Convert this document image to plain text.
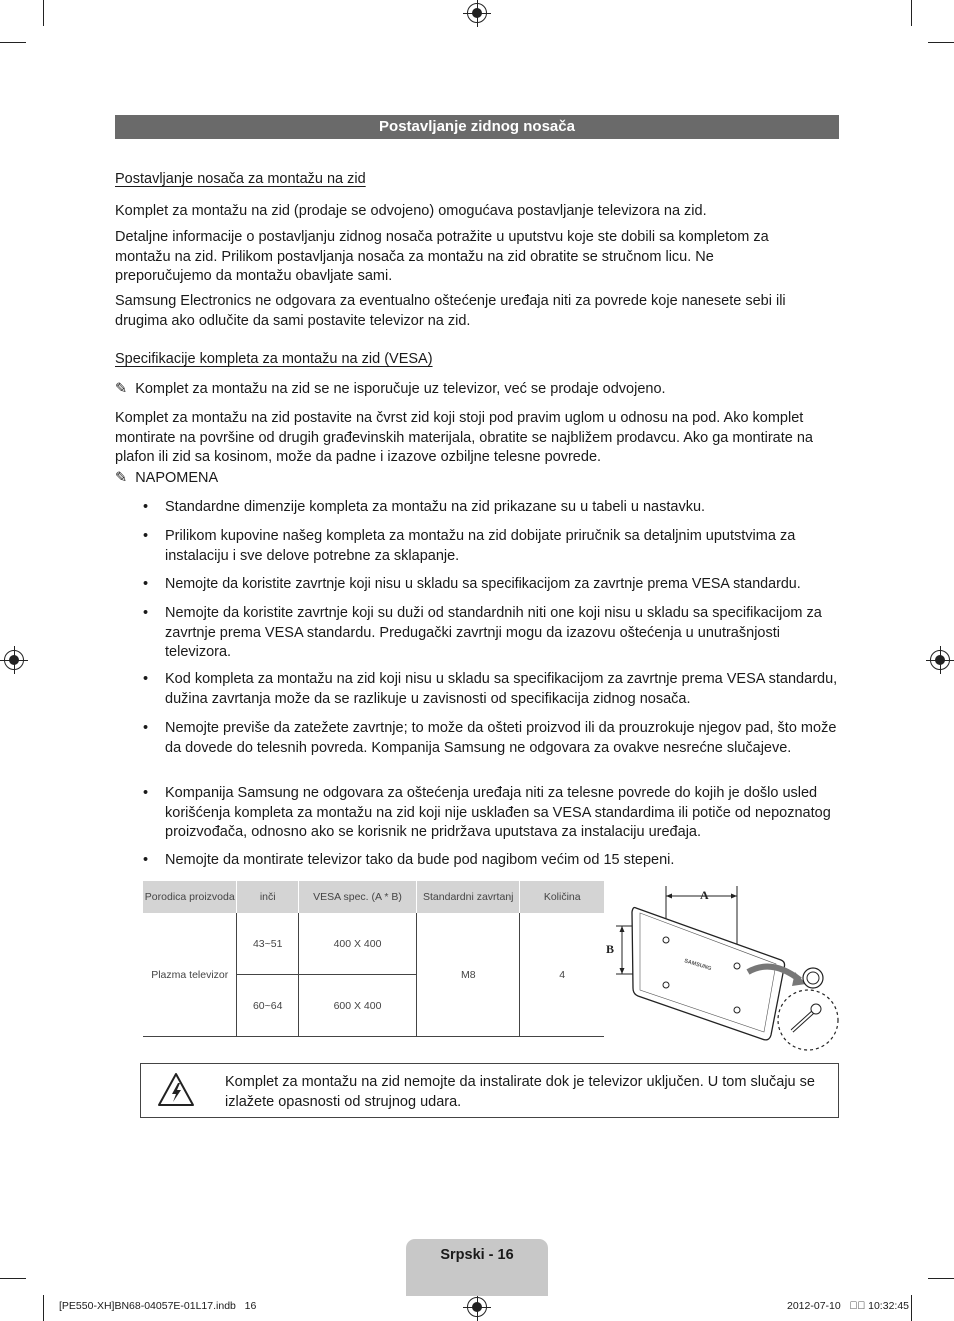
Postavljanje zidnog nosača
Postavljanje nosača za montažu na zid
Komplet za montažu na zid (prodaje se odvojeno) omogućava postavljanje televizora na zid.
Detaljne informacije o postavljanju zidnog nosača potražite u uputstvu koje ste dobili sa kompletom za montažu na zid. Prilikom postavljanja nosača za montažu na zid obratite se stručnom licu. Ne preporučujemo da montažu obavljate sami.
Samsung Electronics ne odgovara za eventualno oštećenje uređaja niti za povrede koje nanesete sebi ili drugima ako odlučite da sami postavite televizor na zid.
Specifikacije kompleta za montažu na zid (VESA)
✎ Komplet za montažu na zid se ne isporučuje uz televizor, već se prodaje odvojeno.
Komplet za montažu na zid postavite na čvrst zid koji stoji pod pravim uglom u odnosu na pod. Ako komplet montirate na površine od drugih građevinskih materijala, obratite se najbližem prodavcu. Ako ga montirate na plafon ili zid sa kosinom, može da padne i izazove ozbiljne telesne povrede.
✎ NAPOMENA
• Standardne dimenzije kompleta za montažu na zid prikazane su u tabeli u nastavku.
• Prilikom kupovine našeg kompleta za montažu na zid dobijate priručnik sa detaljnim uputstvima za instalaciju i sve delove potrebne za sklapanje.
• Nemojte da koristite zavrtnje koji nisu u skladu sa specifikacijom za zavrtnje prema VESA standardu.
• Nemojte da koristite zavrtnje koji su duži od standardnih niti one koji nisu u skladu sa specifikacijom za zavrtnje prema VESA standardu. Predugački zavrtnji mogu da izazovu oštećenja u unutrašnjosti televizora.
• Kod kompleta za montažu na zid koji nisu u skladu sa specifikacijom za zavrtnje prema VESA standardu, dužina zavrtanja može da se razlikuje u zavisnosti od specifikacija zidnog nosača.
• Nemojte previše da zatežete zavrtnje; to može da ošteti proizvod ili da prouzrokuje njegov pad, što može da dovede do telesnih povreda. Kompanija Samsung ne odgovara za ovakve nesrećne slučajeve.
• Kompanija Samsung ne odgovara za oštećenja uređaja niti za telesne povrede do kojih je došlo usled korišćenja kompleta za montažu na zid koji nije usklađen sa VESA standardima ili potiče od nepoznatog proizvođača, odnosno ako se korisnik ne pridržava uputstava za instalaciju uređaja.
• Nemojte da montirate televizor tako da bude pod nagibom većim od 15 stepeni.
Porodica proizvoda	inči	VESA spec. (A * B)	Standardni zavrtanj	Količina
Plazma televizor	43~51	400 X 400	M8	4
	60~64	600 X 400		
A
B
SAMSUNG
Komplet za montažu na zid nemojte da instalirate dok je televizor uključen. U tom slučaju se izlažete opasnosti od strujnog udara.
Srpski - 16
[PE550-XH]BN68-04057E-01L17.indb   16	2012-07-10   ￿￿ 10:32:45
